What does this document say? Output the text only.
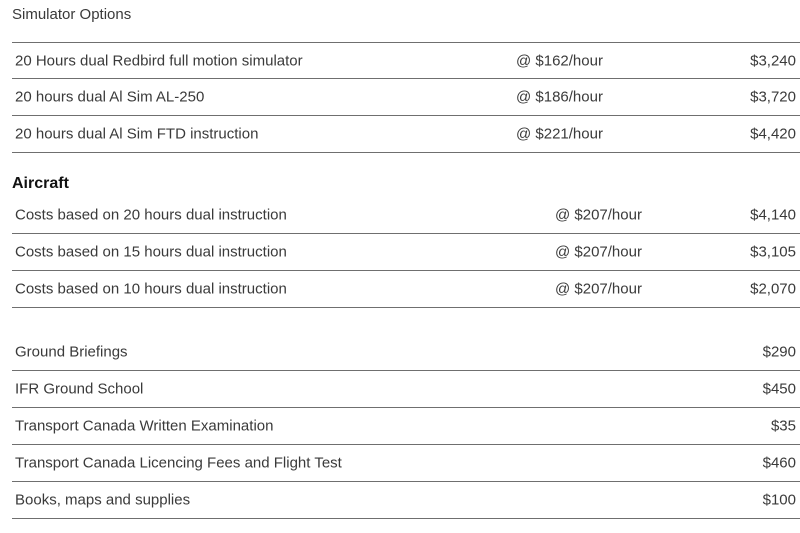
Simulator Options
20 Hours dual Redbird full motion simulator	@ $162/hour	$3,240
20 hours dual Al Sim AL-250	@ $186/hour	$3,720
20 hours dual Al Sim FTD instruction	@ $221/hour	$4,420
Aircraft
Costs based on 20 hours dual instruction	@ $207/hour	$4,140
Costs based on 15 hours dual instruction	@ $207/hour	$3,105
Costs based on 10 hours dual instruction	@ $207/hour	$2,070
Ground Briefings	$290
IFR Ground School	$450
Transport Canada Written Examination	$35
Transport Canada Licencing Fees and Flight Test	$460
Books, maps and supplies	$100
